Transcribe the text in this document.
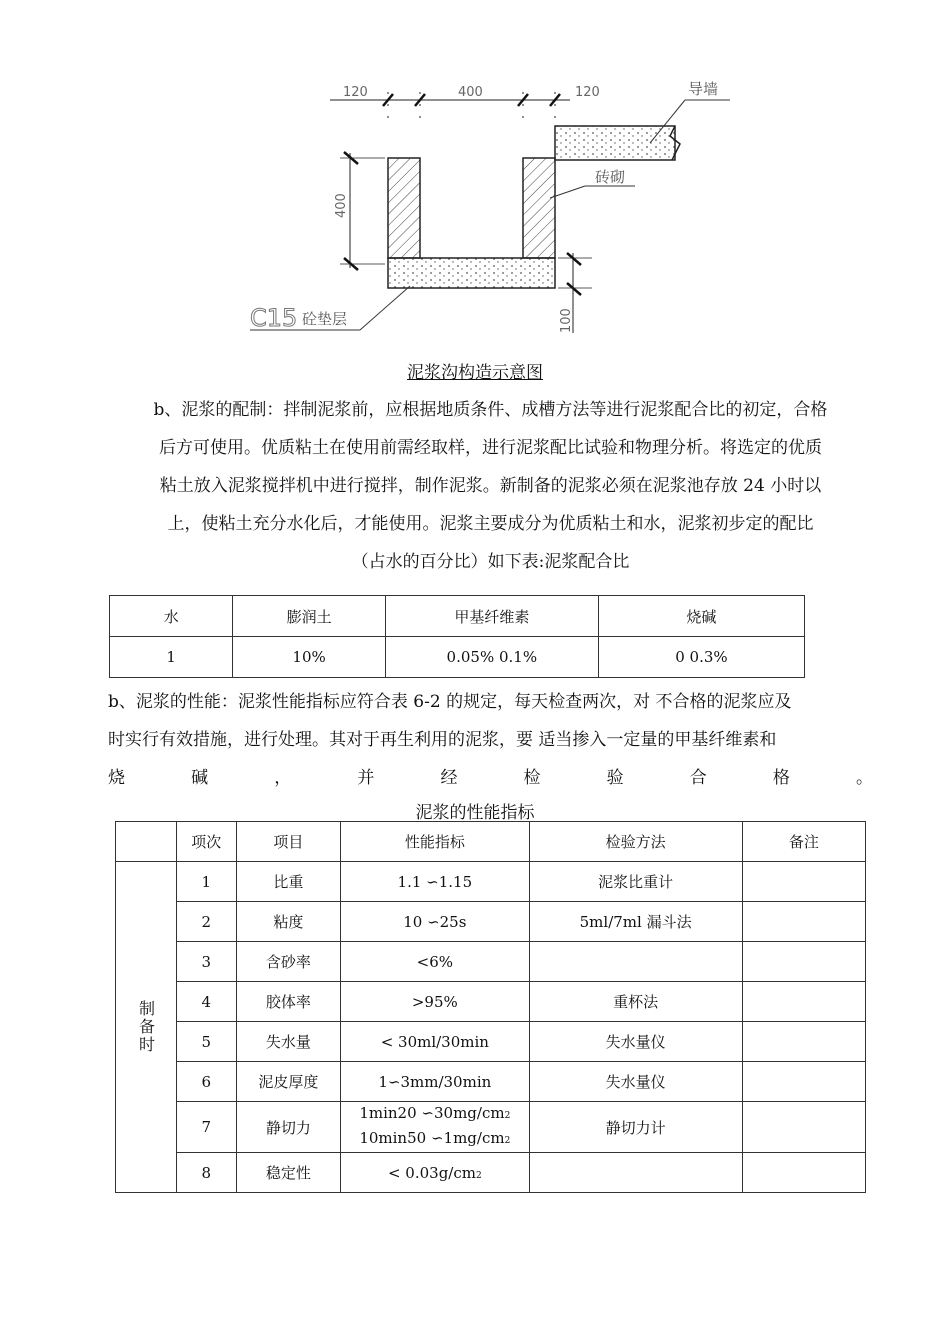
120	400	120	导墙
砖砌
400
100
C15 砼垫层
泥浆沟构造示意图
b、泥浆的配制：拌制泥浆前，应根据地质条件、成槽方法等进行泥浆配合比的初定，合格
后方可使用。优质粘土在使用前需经取样，进行泥浆配比试验和物理分析。将选定的优质
粘土放入泥浆搅拌机中进行搅拌，制作泥浆。新制备的泥浆必须在泥浆池存放 24 小时以
上，使粘土充分水化后，才能使用。泥浆主要成分为优质粘土和水，泥浆初步定的配比
（占水的百分比）如下表:泥浆配合比
水	膨润土	甲基纤维素	烧碱
1	10%	0.05% 0.1%	0 0.3%
b、泥浆的性能：泥浆性能指标应符合表 6-2 的规定，每天检查两次，对 不合格的泥浆应及
时实行有效措施，进行处理。其对于再生利用的泥浆，要 适当掺入一定量的甲基纤维素和
烧	碱	，	并	经	检	验	合	格	。
泥浆的性能指标
	项次	项目	性能指标	检验方法	备注

制备时	1	比重	1.1 ∽1.15	泥浆比重计	
	2	粘度	10 ∽25s	5ml/7ml 漏斗法	
	3	含砂率	<6%		
	4	胶体率	>95%	重杯法	
	5	失水量	< 30ml/30min	失水量仪	
	6	泥皮厚度	1∽3mm/30min	失水量仪	
	7	静切力	1min20 ∽30mg/cm2
10min50 ∽1mg/cm2	静切力计	
	8	稳定性	< 0.03g/cm2		
